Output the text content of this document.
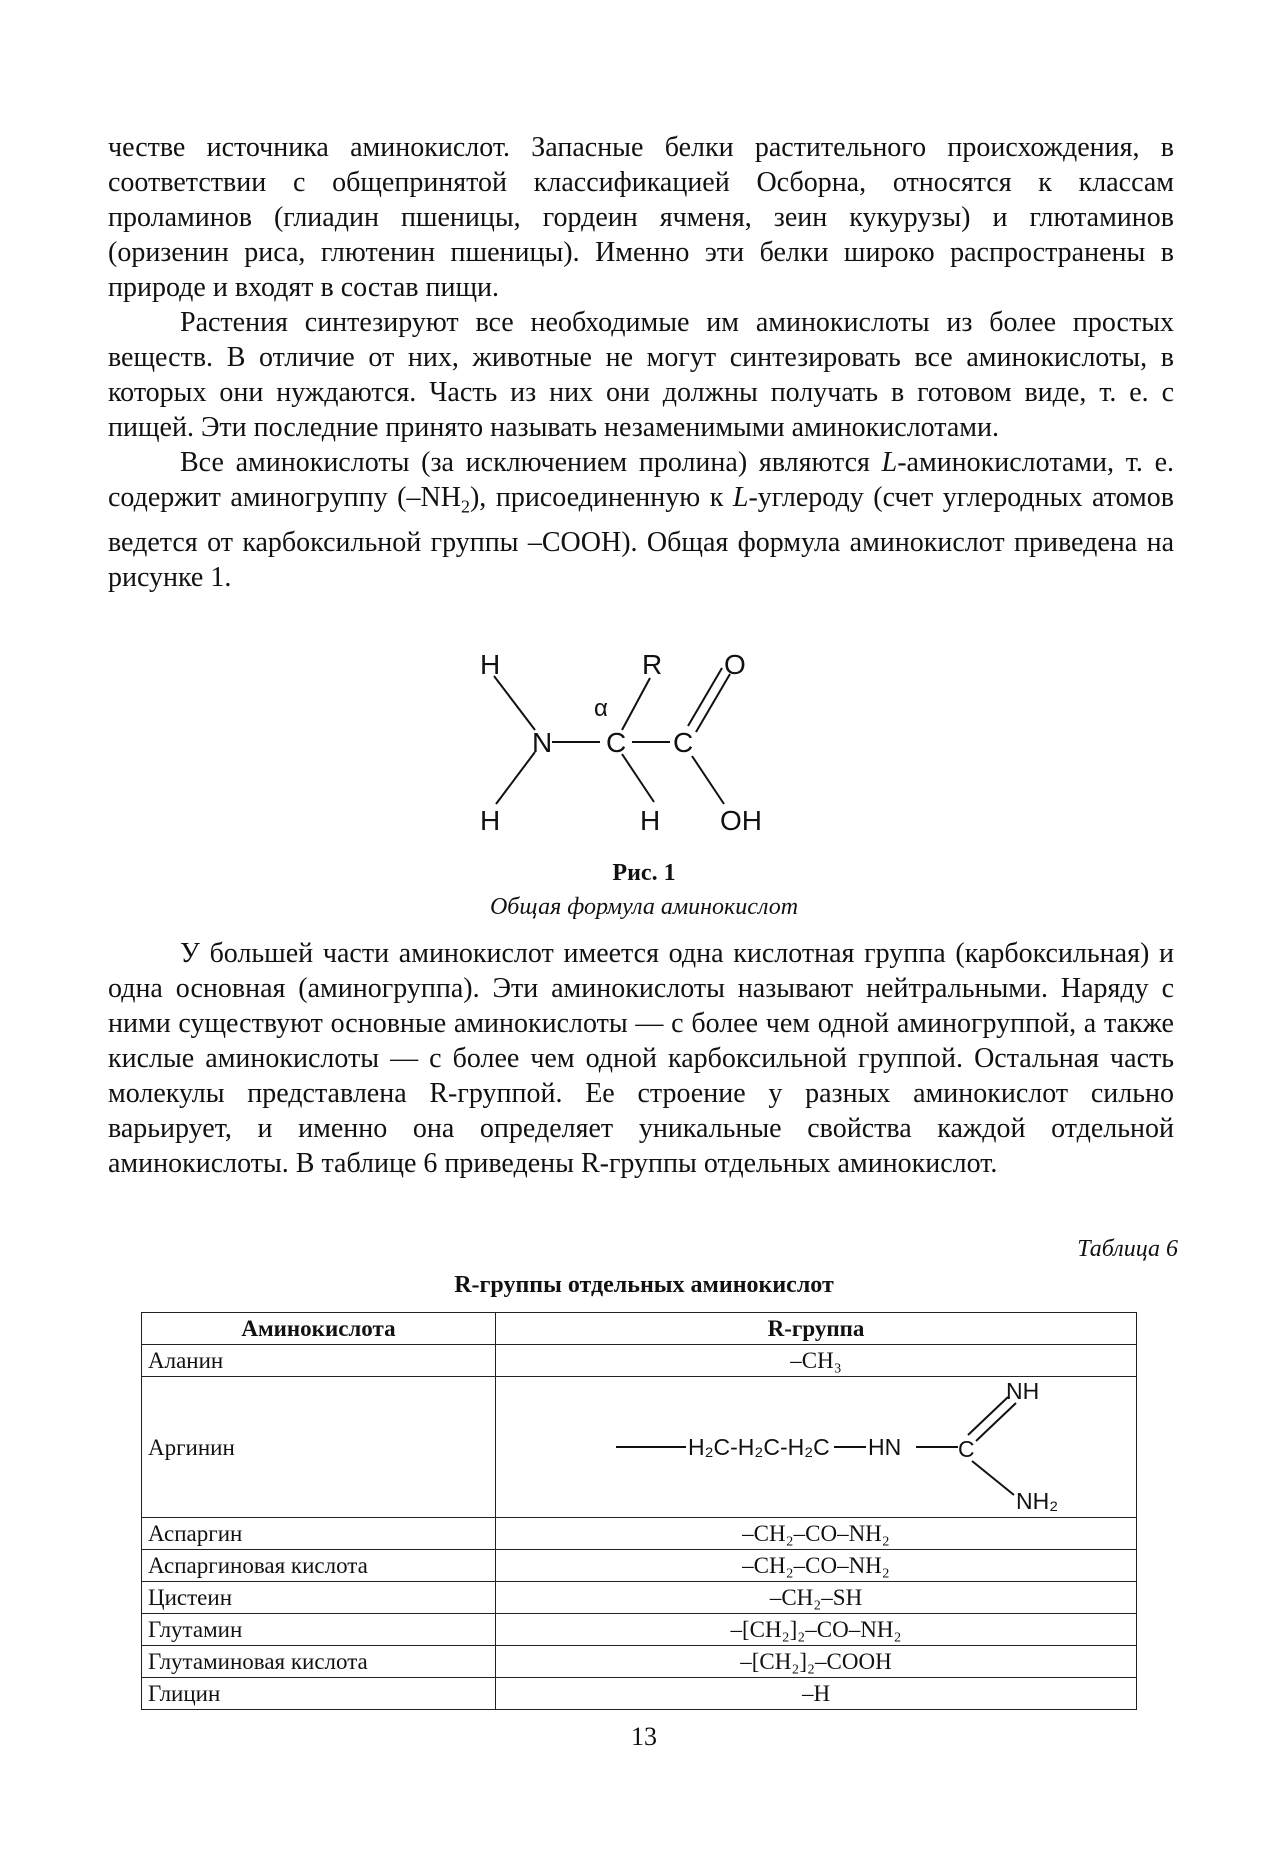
честве источника аминокислот. Запасные белки растительного происхождения, в соответствии с общепринятой классификацией Осборна, относятся к классам проламинов (глиадин пшеницы, гордеин ячменя, зеин кукурузы) и глютаминов (оризенин риса, глютенин пшеницы). Именно эти белки широко распространены в природе и входят в состав пищи.

Растения синтезируют все необходимые им аминокислоты из более простых веществ. В отличие от них, животные не могут синтезировать все аминокислоты, в которых они нуждаются. Часть из них они должны получать в готовом виде, т. е. с пищей. Эти последние принято называть незаменимыми аминокислотами.

Все аминокислоты (за исключением пролина) являются L-аминокислотами, т. е. содержит аминогруппу $(-NH_2)$, присоединенную к L-углероду (счет углеродных атомов ведется от карбоксильной группы –COOH). Общая формула аминокислот приведена на рисунке 1.

H	R O
N C C
H	H OH
α
Рис. 1
Общая формула аминокислот

У большей части аминокислот имеется одна кислотная группа (карбоксильная) и одна основная (аминогруппа). Эти аминокислоты называют нейтральными. Наряду с ними существуют основные аминокислоты — с более чем одной аминогруппой, а также кислые аминокислоты — с более чем одной карбоксильной группой. Остальная часть молекулы представлена R-группой. Ее строение у разных аминокислот сильно варьирует, и именно она определяет уникальные свойства каждой отдельной аминокислоты. В таблице 6 приведены R-группы отдельных аминокислот.

Таблица 6
R-группы отдельных аминокислот
Аминокислота	R-группа
Аланин	–CH₃
Аргинин	H₂C-H₂C-H₂C HN C
NH
NH₂

Аспаргин	–CH₂–CO–NH₂
Аспаргиновая кислота	–CH₂–CO–NH₂
Цистеин	–CH₂–SH
Глутамин	–[CH₂]₂–CO–NH₂
Глутаминовая кислота	–[CH₂]₂–COOH
Глицин	–H
13
